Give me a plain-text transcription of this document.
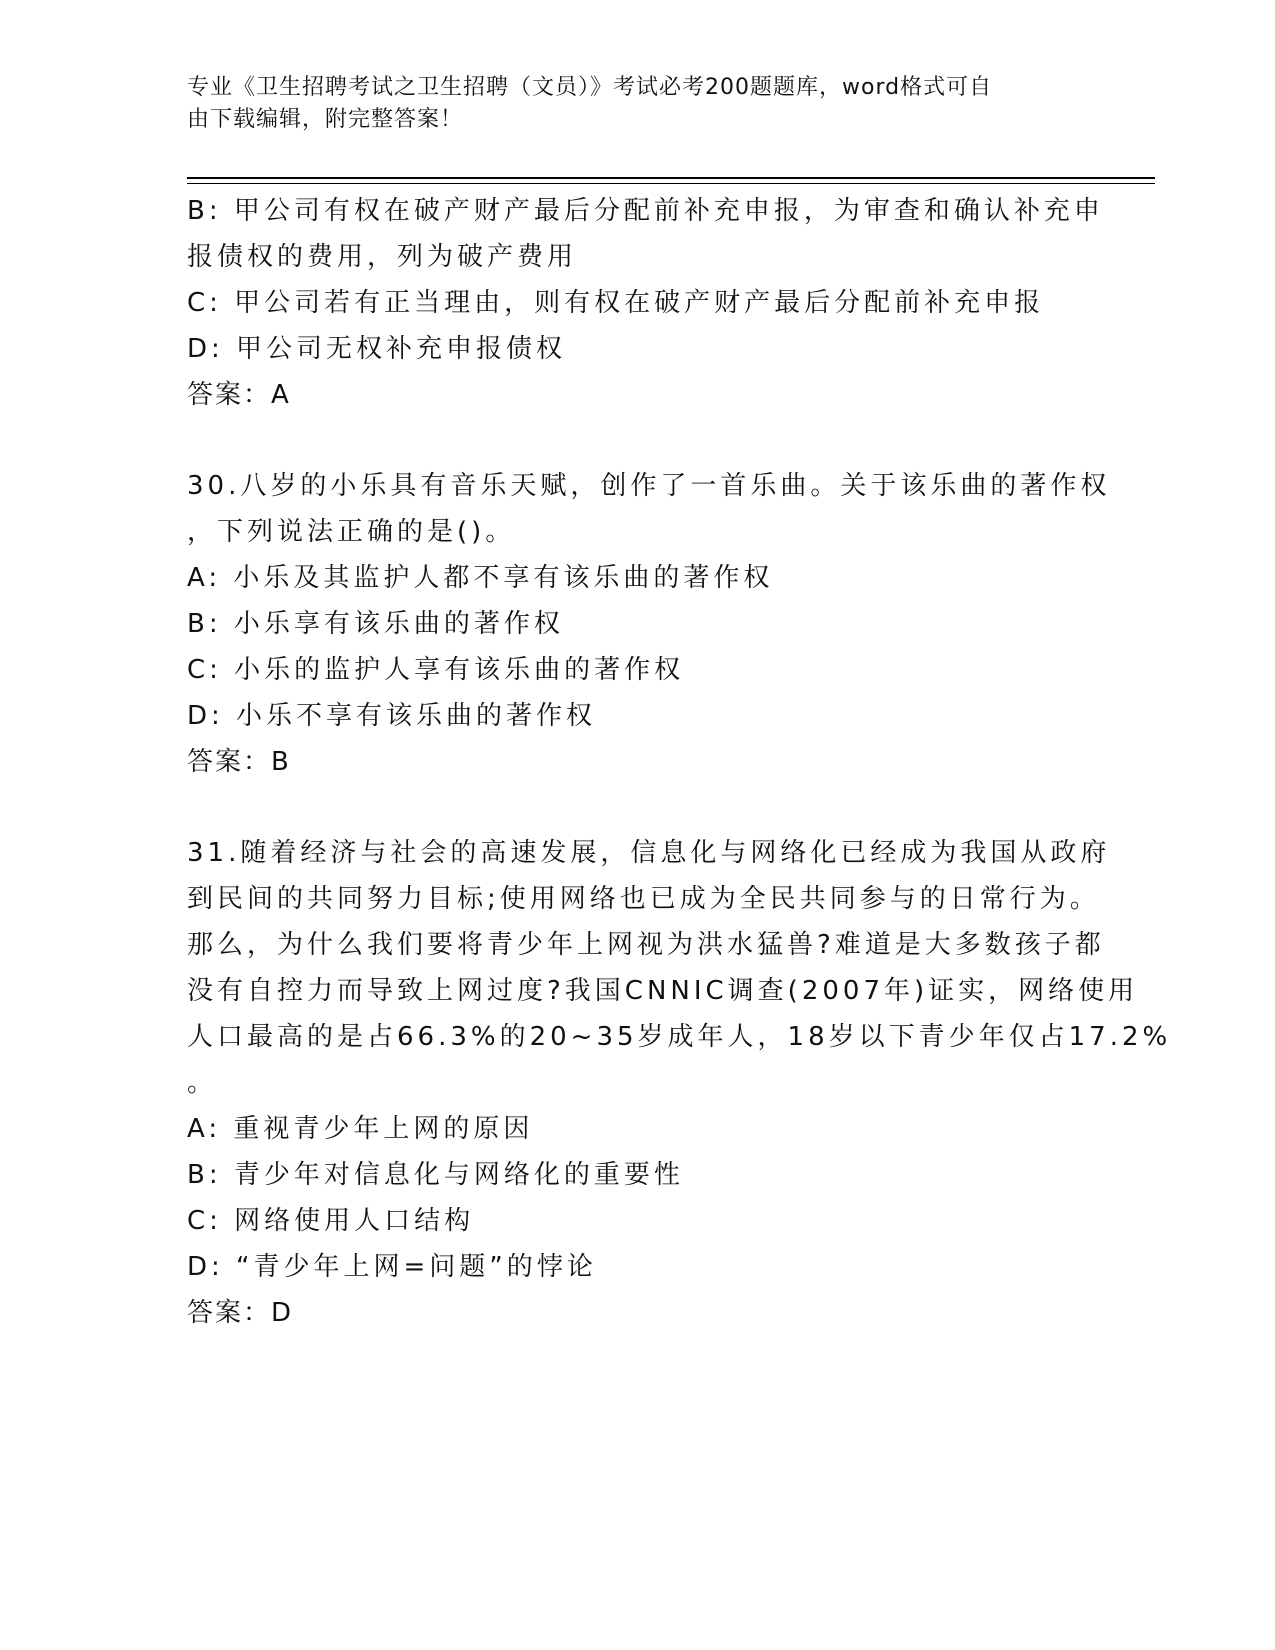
专业《卫生招聘考试之卫生招聘（文员）》考试必考200题题库，word格式可自
由下载编辑，附完整答案！
B: 甲公司有权在破产财产最后分配前补充申报，为审查和确认补充申
报债权的费用，列为破产费用
C: 甲公司若有正当理由，则有权在破产财产最后分配前补充申报
D: 甲公司无权补充申报债权
答案：A
30.八岁的小乐具有音乐天赋，创作了一首乐曲。关于该乐曲的著作权
，下列说法正确的是()。
A: 小乐及其监护人都不享有该乐曲的著作权
B: 小乐享有该乐曲的著作权
C: 小乐的监护人享有该乐曲的著作权
D: 小乐不享有该乐曲的著作权
答案：B
31.随着经济与社会的高速发展，信息化与网络化已经成为我国从政府
到民间的共同努力目标;使用网络也已成为全民共同参与的日常行为。
那么，为什么我们要将青少年上网视为洪水猛兽?难道是大多数孩子都
没有自控力而导致上网过度?我国CNNIC调查(2007年)证实，网络使用
人口最高的是占66.3%的20~35岁成年人，18岁以下青少年仅占17.2%
。
A: 重视青少年上网的原因
B: 青少年对信息化与网络化的重要性
C: 网络使用人口结构
D: “青少年上网=问题”的悖论
答案：D
